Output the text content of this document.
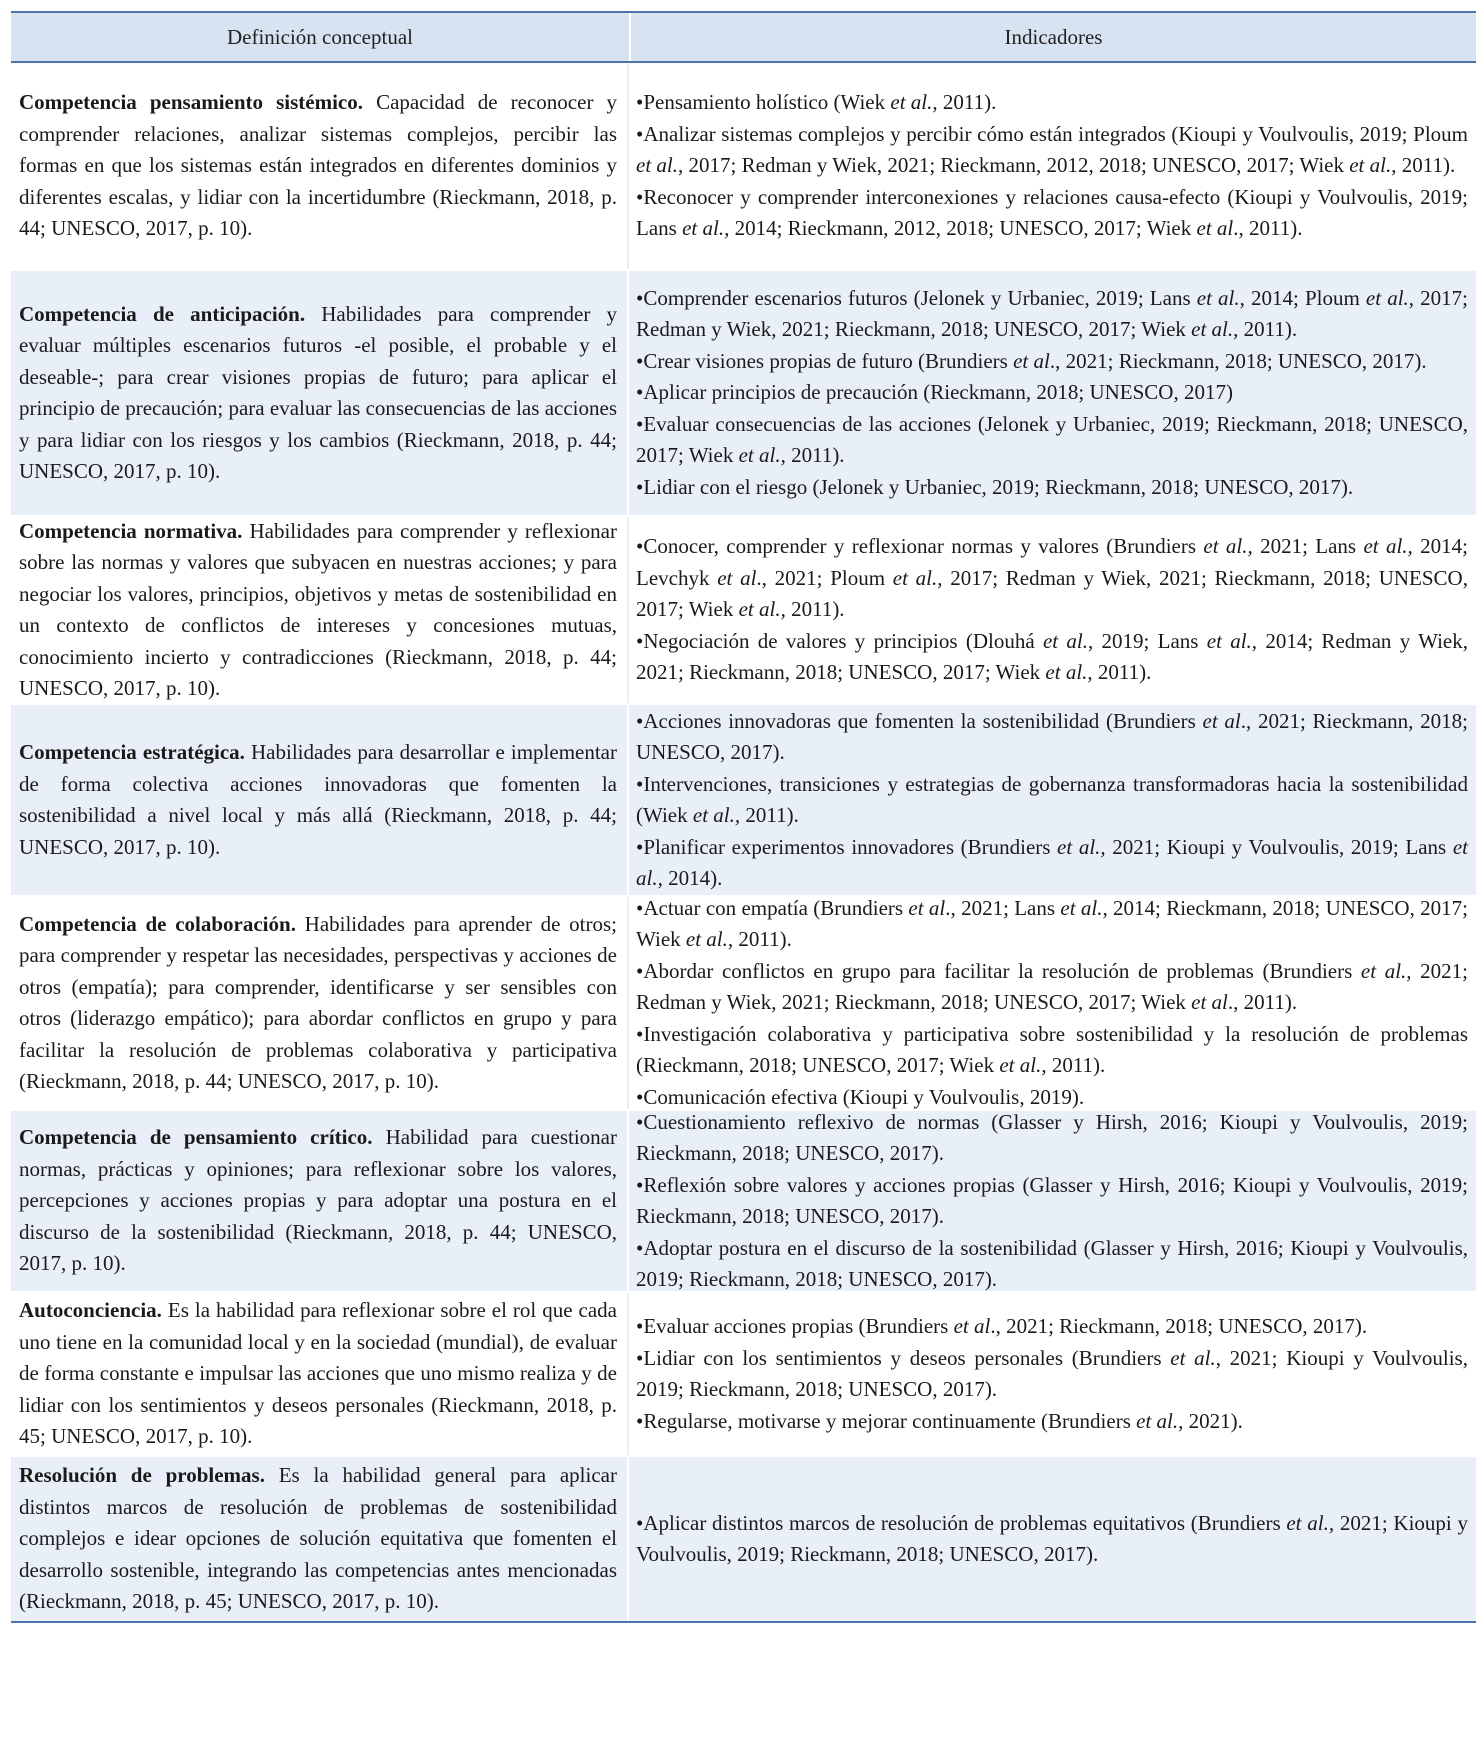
Definición conceptual	Indicadores
Competencia pensamiento sistémico. Capacidad de reconocer y comprender relaciones, analizar sistemas complejos, percibir las formas en que los sistemas están integrados en diferentes dominios y diferentes escalas, y lidiar con la incertidumbre (Rieckmann, 2018, p. 44; UNESCO, 2017, p. 10).

•Pensamiento holístico (Wiek et al., 2011).

•Analizar sistemas complejos y percibir cómo están integrados (Kioupi y Voulvoulis, 2019; Ploum et al., 2017; Redman y Wiek, 2021; Rieckmann, 2012, 2018; UNESCO, 2017; Wiek et al., 2011).

•Reconocer y comprender interconexiones y relaciones causa-efecto (Kioupi y Voulvoulis, 2019; Lans et al., 2014; Rieckmann, 2012, 2018; UNESCO, 2017; Wiek et al., 2011).

Competencia de anticipación. Habilidades para comprender y evaluar múltiples escenarios futuros -el posible, el probable y el deseable-; para crear visiones propias de futuro; para aplicar el principio de precaución; para evaluar las consecuencias de las acciones y para lidiar con los riesgos y los cambios (Rieckmann, 2018, p. 44; UNESCO, 2017, p. 10).

•Comprender escenarios futuros (Jelonek y Urbaniec, 2019; Lans et al., 2014; Ploum et al., 2017; Redman y Wiek, 2021; Rieckmann, 2018; UNESCO, 2017; Wiek et al., 2011).

•Crear visiones propias de futuro (Brundiers et al., 2021; Rieckmann, 2018; UNESCO, 2017).

•Aplicar principios de precaución (Rieckmann, 2018; UNESCO, 2017)

•Evaluar consecuencias de las acciones (Jelonek y Urbaniec, 2019; Rieckmann, 2018; UNESCO, 2017; Wiek et al., 2011).

•Lidiar con el riesgo (Jelonek y Urbaniec, 2019; Rieckmann, 2018; UNESCO, 2017).

Competencia normativa. Habilidades para comprender y reflexionar sobre las normas y valores que subyacen en nuestras acciones; y para negociar los valores, principios, objetivos y metas de sostenibilidad en un contexto de conflictos de intereses y concesiones mutuas, conocimiento incierto y contradicciones (Rieckmann, 2018, p. 44; UNESCO, 2017, p. 10).

•Conocer, comprender y reflexionar normas y valores (Brundiers et al., 2021; Lans et al., 2014; Levchyk et al., 2021; Ploum et al., 2017; Redman y Wiek, 2021; Rieckmann, 2018; UNESCO, 2017; Wiek et al., 2011).

•Negociación de valores y principios (Dlouhá et al., 2019; Lans et al., 2014; Redman y Wiek, 2021; Rieckmann, 2018; UNESCO, 2017; Wiek et al., 2011).

Competencia estratégica. Habilidades para desarrollar e implementar de forma colectiva acciones innovadoras que fomenten la sostenibilidad a nivel local y más allá (Rieckmann, 2018, p. 44; UNESCO, 2017, p. 10).

•Acciones innovadoras que fomenten la sostenibilidad (Brundiers et al., 2021; Rieckmann, 2018; UNESCO, 2017).

•Intervenciones, transiciones y estrategias de gobernanza transformadoras hacia la sostenibilidad (Wiek et al., 2011).

•Planificar experimentos innovadores (Brundiers et al., 2021; Kioupi y Voulvoulis, 2019; Lans et al., 2014).

Competencia de colaboración. Habilidades para aprender de otros; para comprender y respetar las necesidades, perspectivas y acciones de otros (empatía); para comprender, identificarse y ser sensibles con otros (liderazgo empático); para abordar conflictos en grupo y para facilitar la resolución de problemas colaborativa y participativa (Rieckmann, 2018, p. 44; UNESCO, 2017, p. 10).

•Actuar con empatía (Brundiers et al., 2021; Lans et al., 2014; Rieckmann, 2018; UNESCO, 2017; Wiek et al., 2011).

•Abordar conflictos en grupo para facilitar la resolución de problemas (Brundiers et al., 2021; Redman y Wiek, 2021; Rieckmann, 2018; UNESCO, 2017; Wiek et al., 2011).

•Investigación colaborativa y participativa sobre sostenibilidad y la resolución de problemas (Rieckmann, 2018; UNESCO, 2017; Wiek et al., 2011).

•Comunicación efectiva (Kioupi y Voulvoulis, 2019).

Competencia de pensamiento crítico. Habilidad para cuestionar normas, prácticas y opiniones; para reflexionar sobre los valores, percepciones y acciones propias y para adoptar una postura en el discurso de la sostenibilidad (Rieckmann, 2018, p. 44; UNESCO, 2017, p. 10).

•Cuestionamiento reflexivo de normas (Glasser y Hirsh, 2016; Kioupi y Voulvoulis, 2019; Rieckmann, 2018; UNESCO, 2017).

•Reflexión sobre valores y acciones propias (Glasser y Hirsh, 2016; Kioupi y Voulvoulis, 2019; Rieckmann, 2018; UNESCO, 2017).

•Adoptar postura en el discurso de la sostenibilidad (Glasser y Hirsh, 2016; Kioupi y Voulvoulis, 2019; Rieckmann, 2018; UNESCO, 2017).

Autoconciencia. Es la habilidad para reflexionar sobre el rol que cada uno tiene en la comunidad local y en la sociedad (mundial), de evaluar de forma constante e impulsar las acciones que uno mismo realiza y de lidiar con los sentimientos y deseos personales (Rieckmann, 2018, p. 45; UNESCO, 2017, p. 10).

•Evaluar acciones propias (Brundiers et al., 2021; Rieckmann, 2018; UNESCO, 2017).

•Lidiar con los sentimientos y deseos personales (Brundiers et al., 2021; Kioupi y Voulvoulis, 2019; Rieckmann, 2018; UNESCO, 2017).

•Regularse, motivarse y mejorar continuamente (Brundiers et al., 2021).

Resolución de problemas. Es la habilidad general para aplicar distintos marcos de resolución de problemas de sostenibilidad complejos e idear opciones de solución equitativa que fomenten el desarrollo sostenible, integrando las competencias antes mencionadas (Rieckmann, 2018, p. 45; UNESCO, 2017, p. 10).

•Aplicar distintos marcos de resolución de problemas equitativos (Brundiers et al., 2021; Kioupi y Voulvoulis, 2019; Rieckmann, 2018; UNESCO, 2017).
